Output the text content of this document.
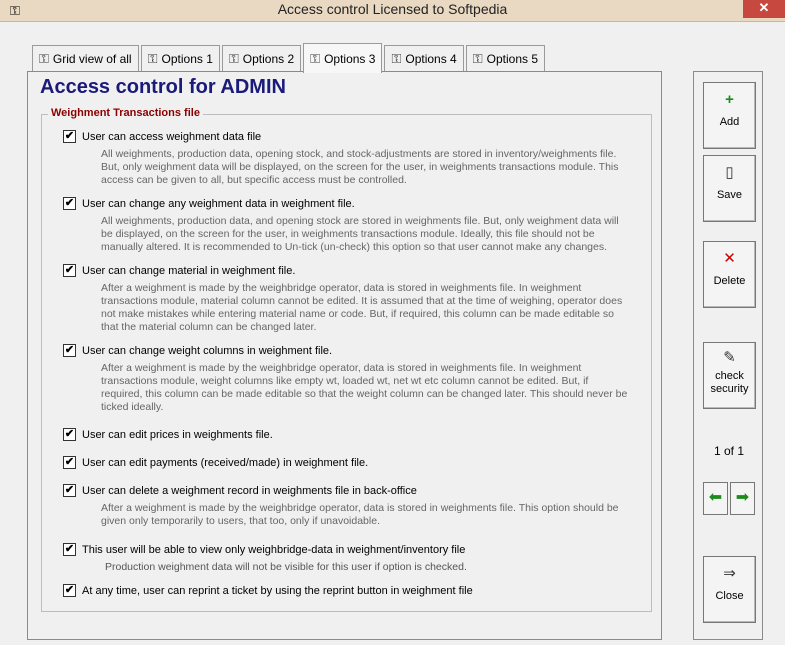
⚿	Access control Licensed to Softpedia	✕
⚿ Grid view of all ⚿ Options 1 ⚿ Options 2 ⚿ Options 3 ⚿ Options 4 ⚿ Options 5
Access control for ADMIN
Weighment Transactions file
✔ User can access weighment data file
All weighments, production data, opening stock, and stock-adjustments are stored in inventory/weighments file. But, only weighment data will be displayed, on the screen for the user, in weighments transactions module. This access can be given to all, but specific access must be controlled.
✔ User can change any weighment data in weighment file.
All weighments, production data, and opening stock are stored in weighments file. But, only weighment data will be displayed, on the screen for the user, in weighments transactions module. Ideally, this file should not be manually altered. It is recommended to Un-tick (un-check) this option so that user cannot make any changes.
✔ User can change material in weighment file.
After a weighment is made by the weighbridge operator, data is stored in weighments file. In weighment transactions module, material column cannot be edited. It is assumed that at the time of weighing, operator does not make mistakes while entering material name or code. But, if required, this column can be made editable so that the material column can be changed later.
✔ User can change weight columns in weighment file.
After a weighment is made by the weighbridge operator, data is stored in weighments file. In weighment transactions module, weight columns like empty wt, loaded wt, net wt etc column cannot be edited. But, if required, this column can be made editable so that the weight column can be changed later. This should never be ticked ideally.
✔ User can edit prices in weighments file.
✔ User can edit payments (received/made) in weighment file.
✔ User can delete a weighment record in weighments file in back-office
After a weighment is made by the weighbridge operator, data is stored in weighments file. This option should be given only temporarily to users, that too, only if unavoidable.
✔ This user will be able to view only weighbridge-data in weighment/inventory file
Production weighment data will not be visible for this user if option is checked.
✔ At any time, user can reprint a ticket by using the reprint button in weighment file
+
Add
▯
Save
✕
Delete
✎
check
security
1 of 1
⬅ ➡
⇒
Close
